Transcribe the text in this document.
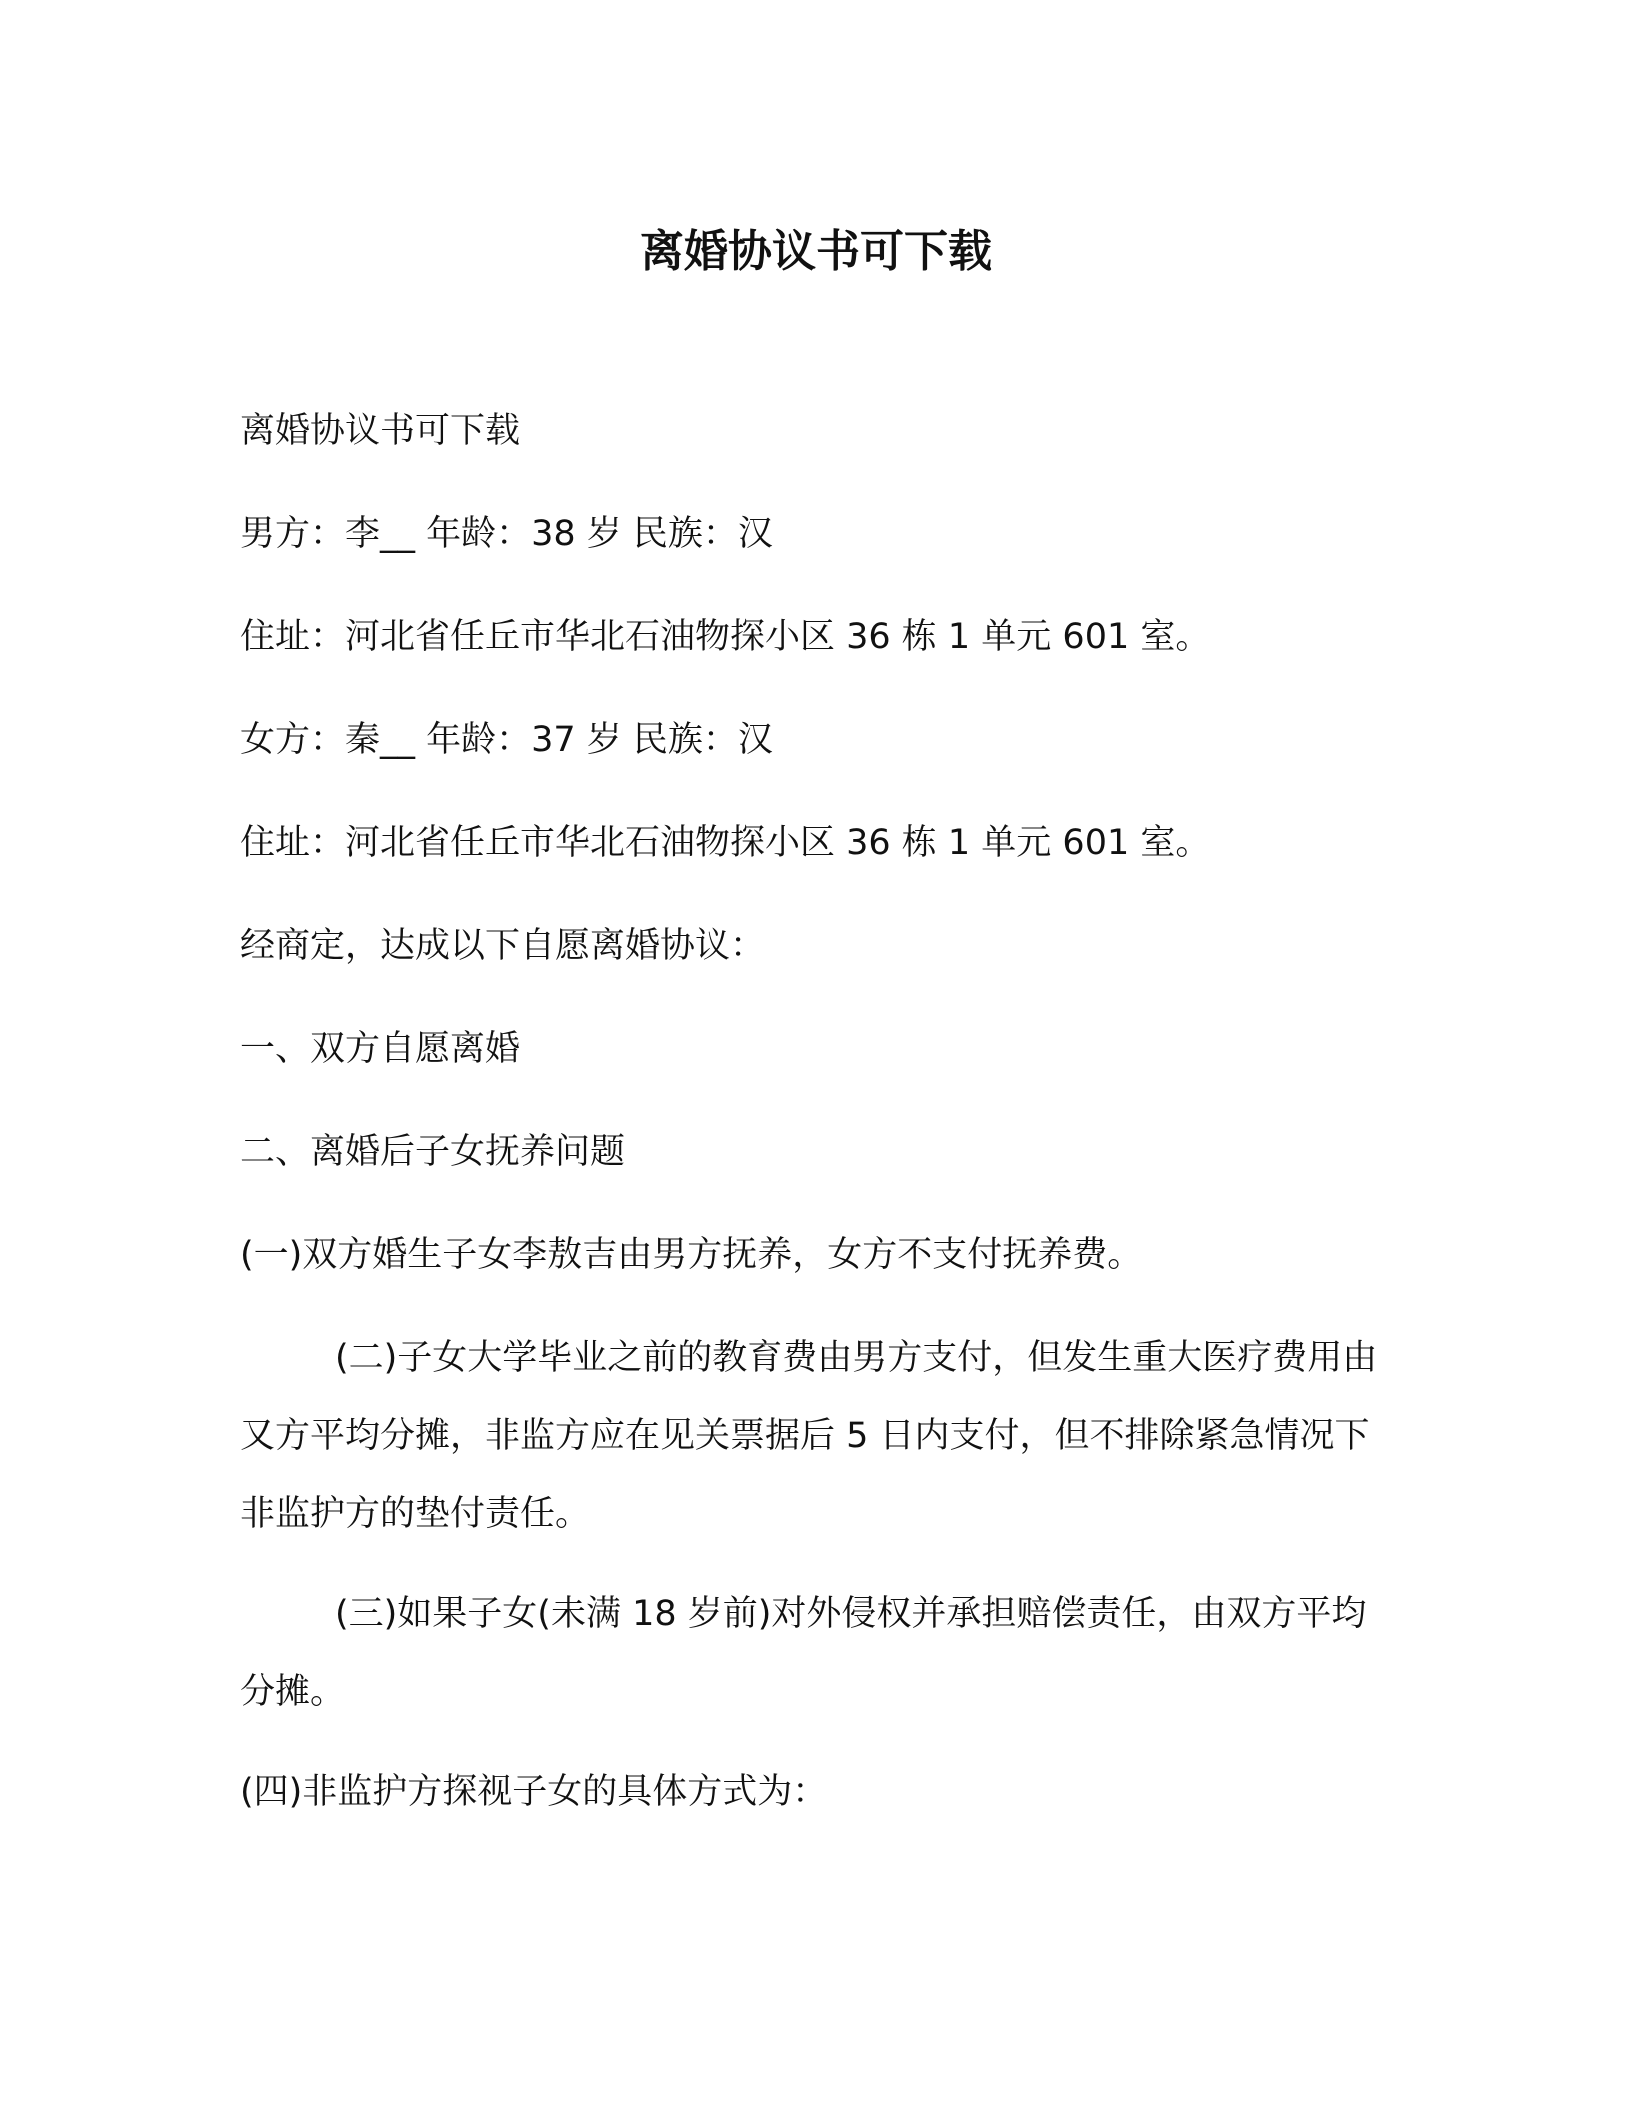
离婚协议书可下载

离婚协议书可下载

男方：李__ 年龄：38 岁 民族：汉

住址：河北省任丘市华北石油物探小区 36 栋 1 单元 601 室。

女方：秦__ 年龄：37 岁 民族：汉

住址：河北省任丘市华北石油物探小区 36 栋 1 单元 601 室。

经商定，达成以下自愿离婚协议：

一、双方自愿离婚

二、离婚后子女抚养问题

(一)双方婚生子女李敖吉由男方抚养，女方不支付抚养费。

(二)子女大学毕业之前的教育费由男方支付，但发生重大医疗费用由又方平均分摊，非监方应在见关票据后 5 日内支付，但不排除紧急情况下非监护方的垫付责任。

(三)如果子女(未满 18 岁前)对外侵权并承担赔偿责任，由双方平均分摊。

(四)非监护方探视子女的具体方式为：
